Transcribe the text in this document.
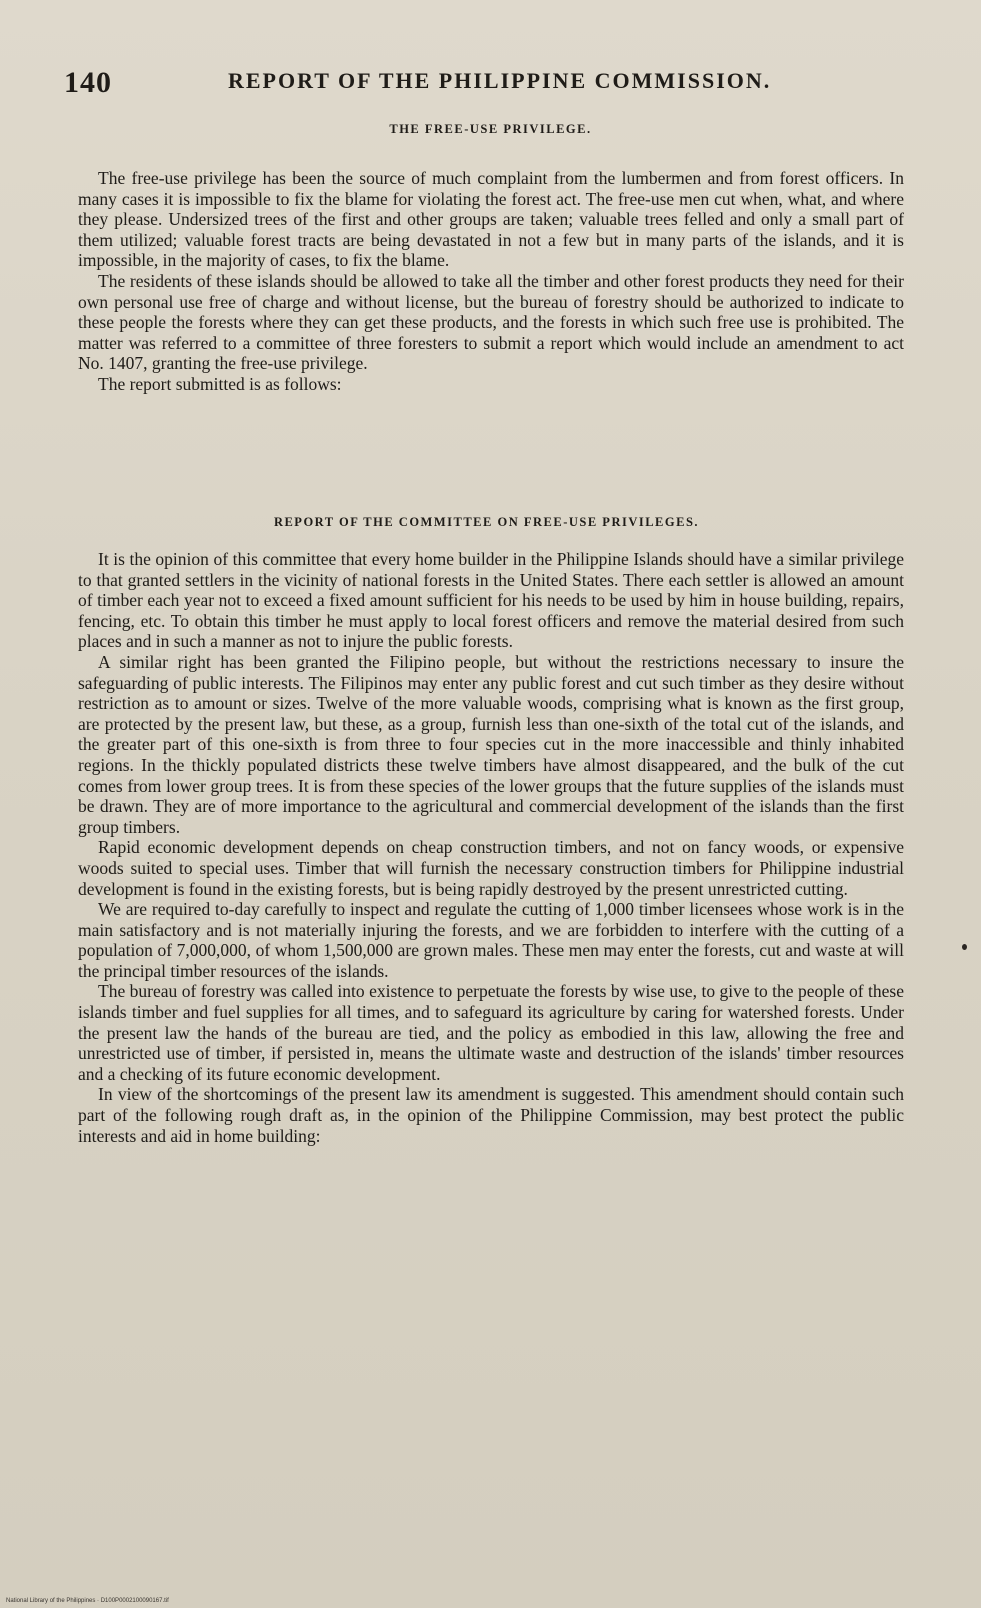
140	REPORT OF THE PHILIPPINE COMMISSION.
THE FREE-USE PRIVILEGE.

The free-use privilege has been the source of much complaint from the lumbermen and from forest officers. In many cases it is impossible to fix the blame for violating the forest act. The free-use men cut when, what, and where they please. Undersized trees of the first and other groups are taken; valuable trees felled and only a small part of them utilized; valuable forest tracts are being devastated in not a few but in many parts of the islands, and it is impossible, in the majority of cases, to fix the blame.

The residents of these islands should be allowed to take all the timber and other forest products they need for their own personal use free of charge and without license, but the bureau of forestry should be authorized to indicate to these people the forests where they can get these products, and the forests in which such free use is prohibited. The matter was referred to a committee of three foresters to submit a report which would include an amendment to act No. 1407, granting the free-use privilege.

The report submitted is as follows:

REPORT OF THE COMMITTEE ON FREE-USE PRIVILEGES.

It is the opinion of this committee that every home builder in the Philippine Islands should have a similar privilege to that granted settlers in the vicinity of national forests in the United States. There each settler is allowed an amount of timber each year not to exceed a fixed amount sufficient for his needs to be used by him in house building, repairs, fencing, etc. To obtain this timber he must apply to local forest officers and remove the material desired from such places and in such a manner as not to injure the public forests.

A similar right has been granted the Filipino people, but without the restrictions necessary to insure the safeguarding of public interests. The Filipinos may enter any public forest and cut such timber as they desire without restriction as to amount or sizes. Twelve of the more valuable woods, comprising what is known as the first group, are protected by the present law, but these, as a group, furnish less than one-sixth of the total cut of the islands, and the greater part of this one-sixth is from three to four species cut in the more inaccessible and thinly inhabited regions. In the thickly populated districts these twelve timbers have almost disappeared, and the bulk of the cut comes from lower group trees. It is from these species of the lower groups that the future supplies of the islands must be drawn. They are of more importance to the agricultural and commercial development of the islands than the first group timbers.

Rapid economic development depends on cheap construction timbers, and not on fancy woods, or expensive woods suited to special uses. Timber that will furnish the necessary construction timbers for Philippine industrial development is found in the existing forests, but is being rapidly destroyed by the present unrestricted cutting.

We are required to-day carefully to inspect and regulate the cutting of 1,000 timber licensees whose work is in the main satisfactory and is not materially injuring the forests, and we are forbidden to interfere with the cutting of a population of 7,000,000, of whom 1,500,000 are grown males. These men may enter the forests, cut and waste at will the principal timber resources of the islands.

The bureau of forestry was called into existence to perpetuate the forests by wise use, to give to the people of these islands timber and fuel supplies for all times, and to safeguard its agriculture by caring for watershed forests. Under the present law the hands of the bureau are tied, and the policy as embodied in this law, allowing the free and unrestricted use of timber, if persisted in, means the ultimate waste and destruction of the islands' timber resources and a checking of its future economic development.

In view of the shortcomings of the present law its amendment is suggested. This amendment should contain such part of the following rough draft as, in the opinion of the Philippine Commission, may best protect the public interests and aid in home building:

National Library of the Philippines · D100P0002100090167.tif
